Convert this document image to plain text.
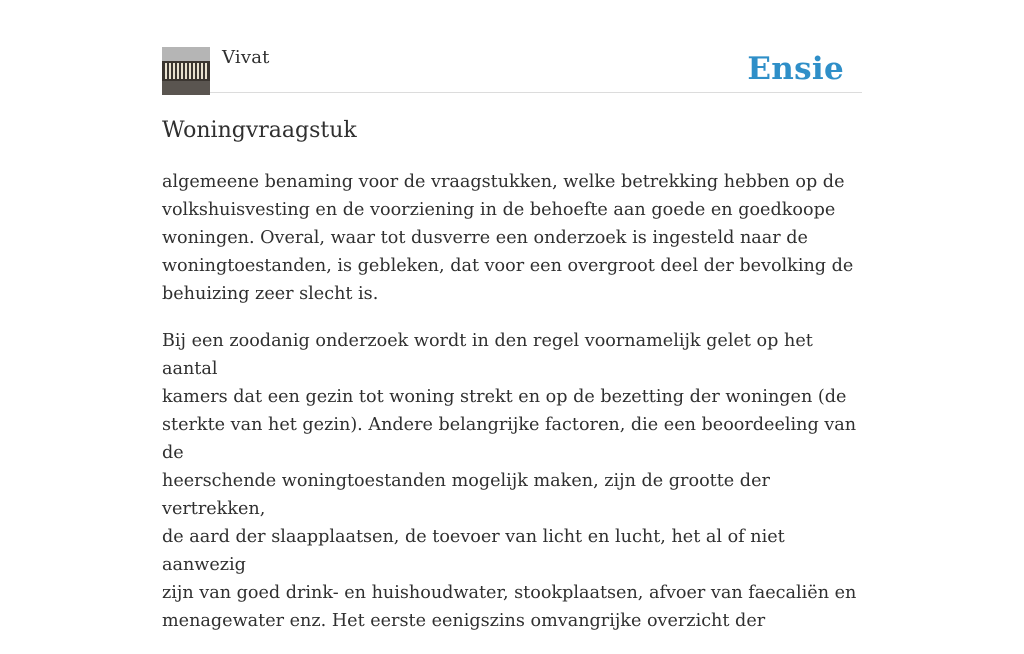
Vivat	Ensie
Woningvraagstuk

algemeene benaming voor de vraagstukken, welke betrekking hebben op de
volkshuisvesting en de voorziening in de behoefte aan goede en goedkoope
woningen. Overal, waar tot dusverre een onderzoek is ingesteld naar de
woningtoestanden, is gebleken, dat voor een overgroot deel der bevolking de
behuizing zeer slecht is.

Bij een zoodanig onderzoek wordt in den regel voornamelijk gelet op het aantal
kamers dat een gezin tot woning strekt en op de bezetting der woningen (de
sterkte van het gezin). Andere belangrijke factoren, die een beoordeeling van de
heerschende woningtoestanden mogelijk maken, zijn de grootte der vertrekken,
de aard der slaapplaatsen, de toevoer van licht en lucht, het al of niet aanwezig
zijn van goed drink- en huishoudwater, stookplaatsen, afvoer van faecaliën en
menagewater enz. Het eerste eenigszins omvangrijke overzicht der
